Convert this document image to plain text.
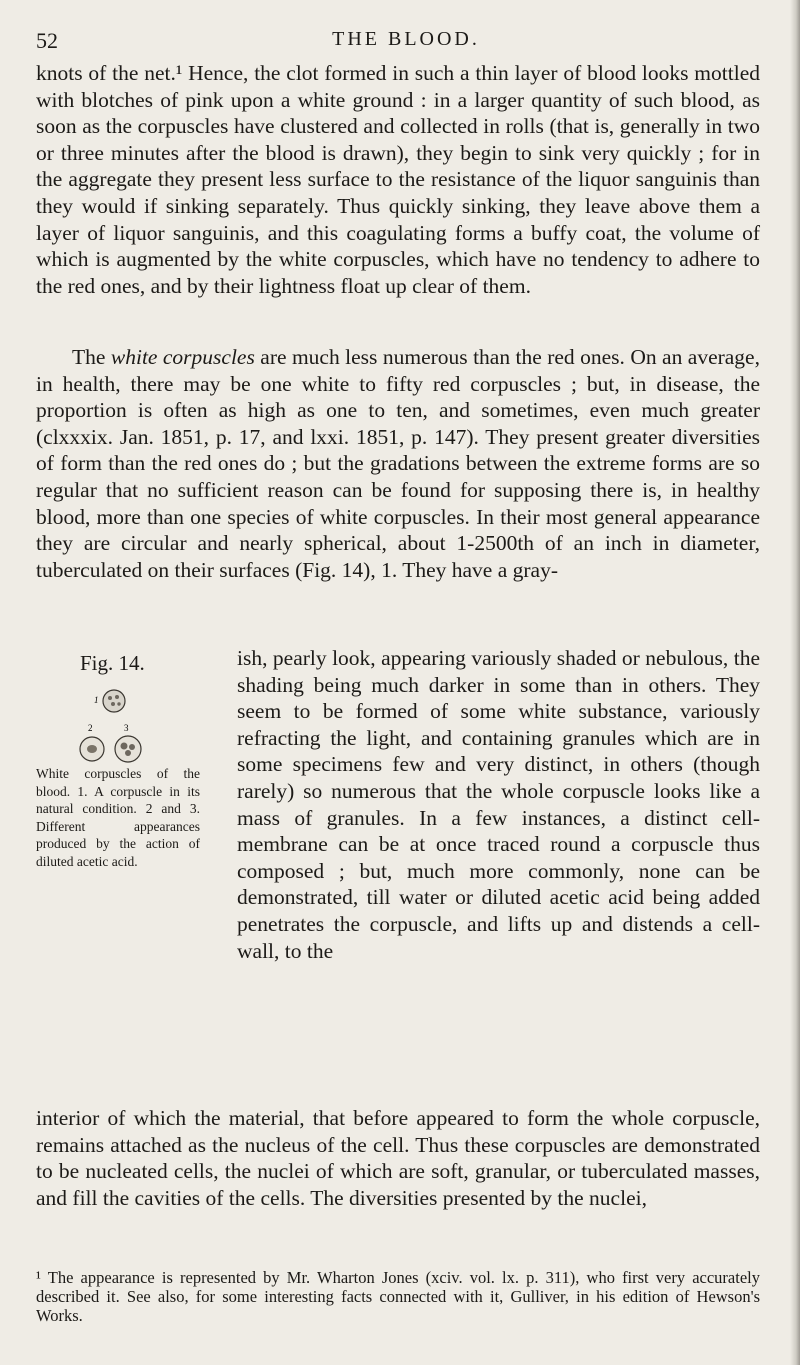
52	THE BLOOD.

knots of the net.¹ Hence, the clot formed in such a thin layer of blood looks mottled with blotches of pink upon a white ground : in a larger quantity of such blood, as soon as the corpuscles have clustered and collected in rolls (that is, generally in two or three minutes after the blood is drawn), they begin to sink very quickly ; for in the aggregate they present less surface to the resistance of the liquor sanguinis than they would if sinking separately. Thus quickly sinking, they leave above them a layer of liquor sanguinis, and this coagulating forms a buffy coat, the volume of which is augmented by the white corpuscles, which have no tendency to adhere to the red ones, and by their lightness float up clear of them.

The white corpuscles are much less numerous than the red ones. On an average, in health, there may be one white to fifty red corpuscles ; but, in disease, the proportion is often as high as one to ten, and sometimes, even much greater (clxxxix. Jan. 1851, p. 17, and lxxi. 1851, p. 147). They present greater diversities of form than the red ones do ; but the gradations between the extreme forms are so regular that no sufficient reason can be found for supposing there is, in healthy blood, more than one species of white corpuscles. In their most general appearance they are circular and nearly spherical, about 1-2500th of an inch in diameter, tuberculated on their surfaces (Fig. 14), 1. They have a gray-

Fig. 14.
1
2	3
White corpuscles of the blood. 1. A corpuscle in its natural condition. 2 and 3. Different appearances produced by the action of diluted acetic acid.

ish, pearly look, appearing variously shaded or nebulous, the shading being much darker in some than in others. They seem to be formed of some white substance, variously refracting the light, and containing granules which are in some specimens few and very distinct, in others (though rarely) so numerous that the whole corpuscle looks like a mass of granules. In a few instances, a distinct cell-membrane can be at once traced round a corpuscle thus composed ; but, much more commonly, none can be demonstrated, till water or diluted acetic acid being added penetrates the corpuscle, and lifts up and distends a cell-wall, to the

interior of which the material, that before appeared to form the whole corpuscle, remains attached as the nucleus of the cell. Thus these corpuscles are demonstrated to be nucleated cells, the nuclei of which are soft, granular, or tuberculated masses, and fill the cavities of the cells. The diversities presented by the nuclei,

¹ The appearance is represented by Mr. Wharton Jones (xciv. vol. lx. p. 311), who first very accurately described it. See also, for some interesting facts connected with it, Gulliver, in his edition of Hewson's Works.
